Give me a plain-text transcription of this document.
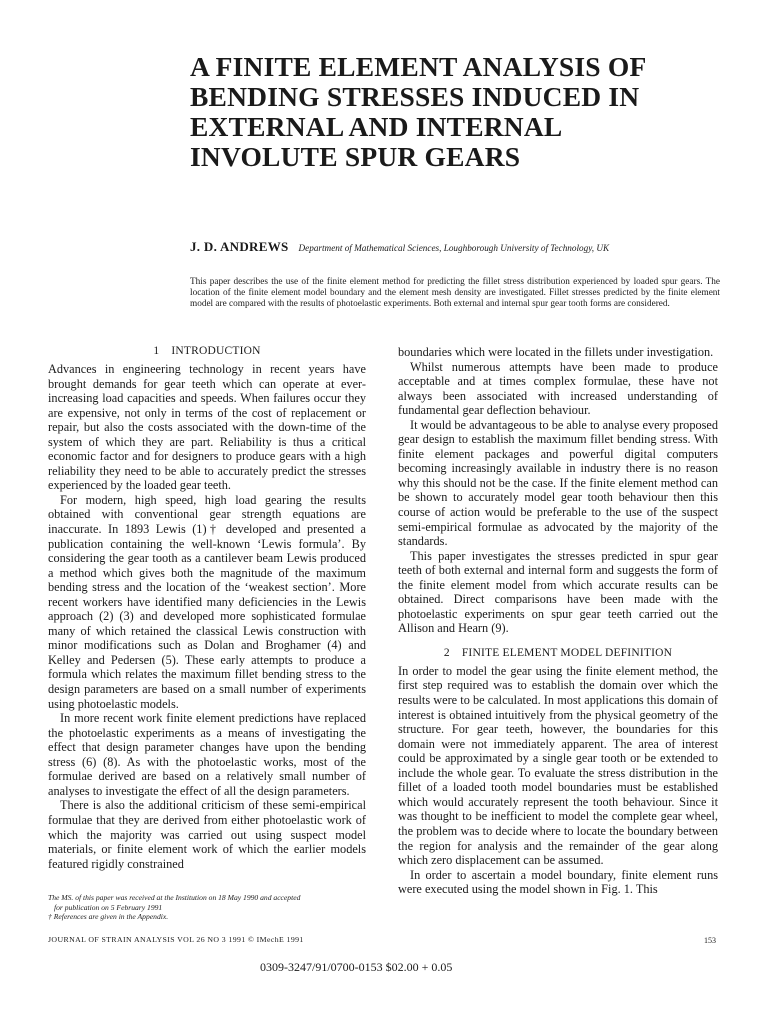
A FINITE ELEMENT ANALYSIS OF
BENDING STRESSES INDUCED IN
EXTERNAL AND INTERNAL
INVOLUTE SPUR GEARS
J. D. ANDREWS Department of Mathematical Sciences, Loughborough University of Technology, UK
This paper describes the use of the finite element method for predicting the fillet stress distribution experienced by loaded spur gears. The location of the finite element model boundary and the element mesh density are investigated. Fillet stresses predicted by the finite element model are compared with the results of photoelastic experiments. Both external and internal spur gear tooth forms are considered.
1 INTRODUCTION

Advances in engineering technology in recent years have brought demands for gear teeth which can operate at ever-increasing load capacities and speeds. When failures occur they are expensive, not only in terms of the cost of replacement or repair, but also the costs associated with the down-time of the system of which they are part. Reliability is thus a critical economic factor and for designers to produce gears with a high reliability they need to be able to accurately predict the stresses experienced by the loaded gear teeth.

For modern, high speed, high load gearing the results obtained with conventional gear strength equations are inaccurate. In 1893 Lewis (1)† developed and presented a publication containing the well-known ‘Lewis formula’. By considering the gear tooth as a cantilever beam Lewis produced a method which gives both the magnitude of the maximum bending stress and the location of the ‘weakest section’. More recent workers have identified many deficiencies in the Lewis approach (2) (3) and developed more sophisticated formulae many of which retained the classical Lewis construction with minor modifications such as Dolan and Broghamer (4) and Kelley and Pedersen (5). These early attempts to produce a formula which relates the maximum fillet bending stress to the design parameters are based on a small number of experiments using photoelastic models.

In more recent work finite element predictions have replaced the photoelastic experiments as a means of investigating the effect that design parameter changes have upon the bending stress (6) (8). As with the photoelastic works, most of the formulae derived are based on a relatively small number of analyses to investigate the effect of all the design parameters.

There is also the additional criticism of these semi-empirical formulae that they are derived from either photoelastic work of which the majority was carried out using suspect model materials, or finite element work of which the earlier models featured rigidly constrained

boundaries which were located in the fillets under investigation.

Whilst numerous attempts have been made to produce acceptable and at times complex formulae, these have not always been associated with increased understanding of fundamental gear deflection behaviour.

It would be advantageous to be able to analyse every proposed gear design to establish the maximum fillet bending stress. With finite element packages and powerful digital computers becoming increasingly available in industry there is no reason why this should not be the case. If the finite element method can be shown to accurately model gear tooth behaviour then this course of action would be preferable to the use of the suspect semi-empirical formulae as advocated by the majority of the standards.

This paper investigates the stresses predicted in spur gear teeth of both external and internal form and suggests the form of the finite element model from which accurate results can be obtained. Direct comparisons have been made with the photoelastic experiments on spur gear teeth carried out the Allison and Hearn (9).

2 FINITE ELEMENT MODEL DEFINITION

In order to model the gear using the finite element method, the first step required was to establish the domain over which the results were to be calculated. In most applications this domain of interest is obtained intuitively from the physical geometry of the structure. For gear teeth, however, the boundaries for this domain were not immediately apparent. The area of interest could be approximated by a single gear tooth or be extended to include the whole gear. To evaluate the stress distribution in the fillet of a loaded tooth model boundaries must be established which would accurately represent the tooth behaviour. Since it was thought to be inefficient to model the complete gear wheel, the problem was to decide where to locate the boundary between the region for analysis and the remainder of the gear along which zero displacement can be assumed.

In order to ascertain a model boundary, finite element runs were executed using the model shown in Fig. 1. This

The MS. of this paper was received at the Institution on 18 May 1990 and accepted
for publication on 5 February 1991
† References are given in the Appendix.
JOURNAL OF STRAIN ANALYSIS VOL 26 NO 3 1991 © IMechE 1991	153
0309-3247/91/0700-0153 $02.00 + 0.05
